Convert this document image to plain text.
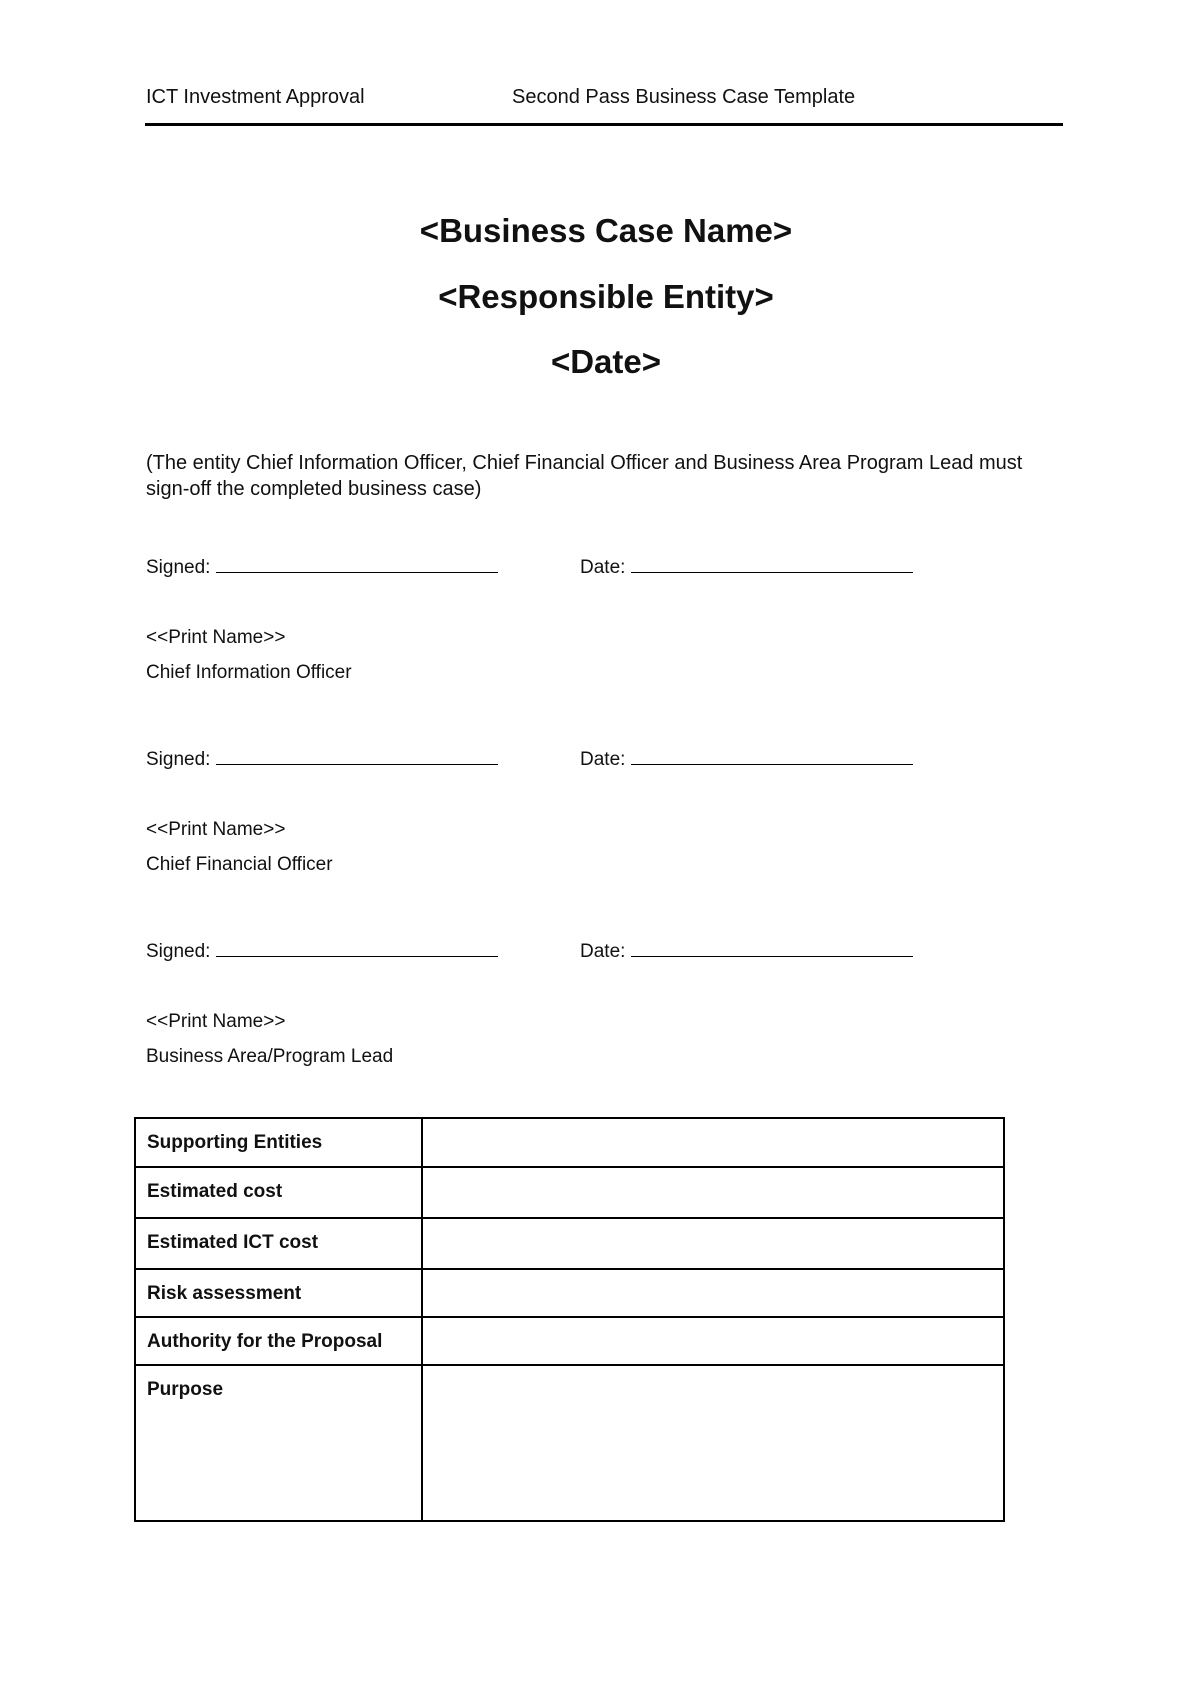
ICT Investment Approval	Second Pass Business Case Template
<Business Case Name>
<Responsible Entity>
<Date>
(The entity Chief Information Officer, Chief Financial Officer and Business Area Program Lead must sign-off the completed business case)
Signed:	Date:
<<Print Name>>
Chief Information Officer
Signed:	Date:
<<Print Name>>
Chief Financial Officer
Signed:	Date:
<<Print Name>>
Business Area/Program Lead
Supporting Entities	
Estimated cost	
Estimated ICT cost	
Risk assessment	
Authority for the Proposal	
Purpose	
